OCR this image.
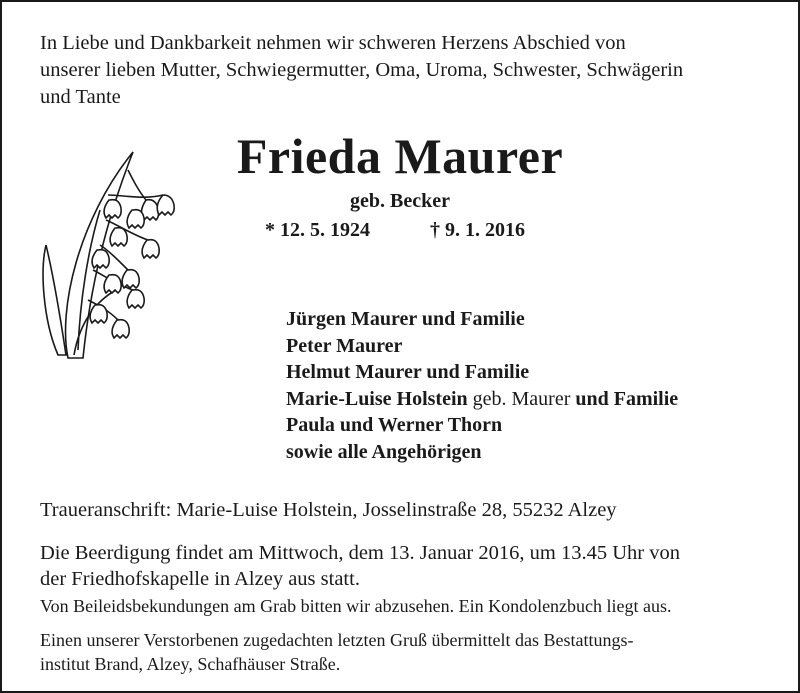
In Liebe und Dankbarkeit nehmen wir schweren Herzens Abschied von
unserer lieben Mutter, Schwiegermutter, Oma, Uroma, Schwester, Schwägerin
und Tante
Frieda Maurer
geb. Becker
* 12. 5. 1924	† 9. 1. 2016
Jürgen Maurer und Familie
Peter Maurer
Helmut Maurer und Familie
Marie-Luise Holstein geb. Maurer und Familie
Paula und Werner Thorn
sowie alle Angehörigen
Traueranschrift: Marie-Luise Holstein, Josselinstraße 28, 55232 Alzey
Die Beerdigung findet am Mittwoch, dem 13. Januar 2016, um 13.45 Uhr von
der Friedhofskapelle in Alzey aus statt.
Von Beileidsbekundungen am Grab bitten wir abzusehen. Ein Kondolenzbuch liegt aus.
Einen unserer Verstorbenen zugedachten letzten Gruß übermittelt das Bestattungs-
institut Brand, Alzey, Schafhäuser Straße.
